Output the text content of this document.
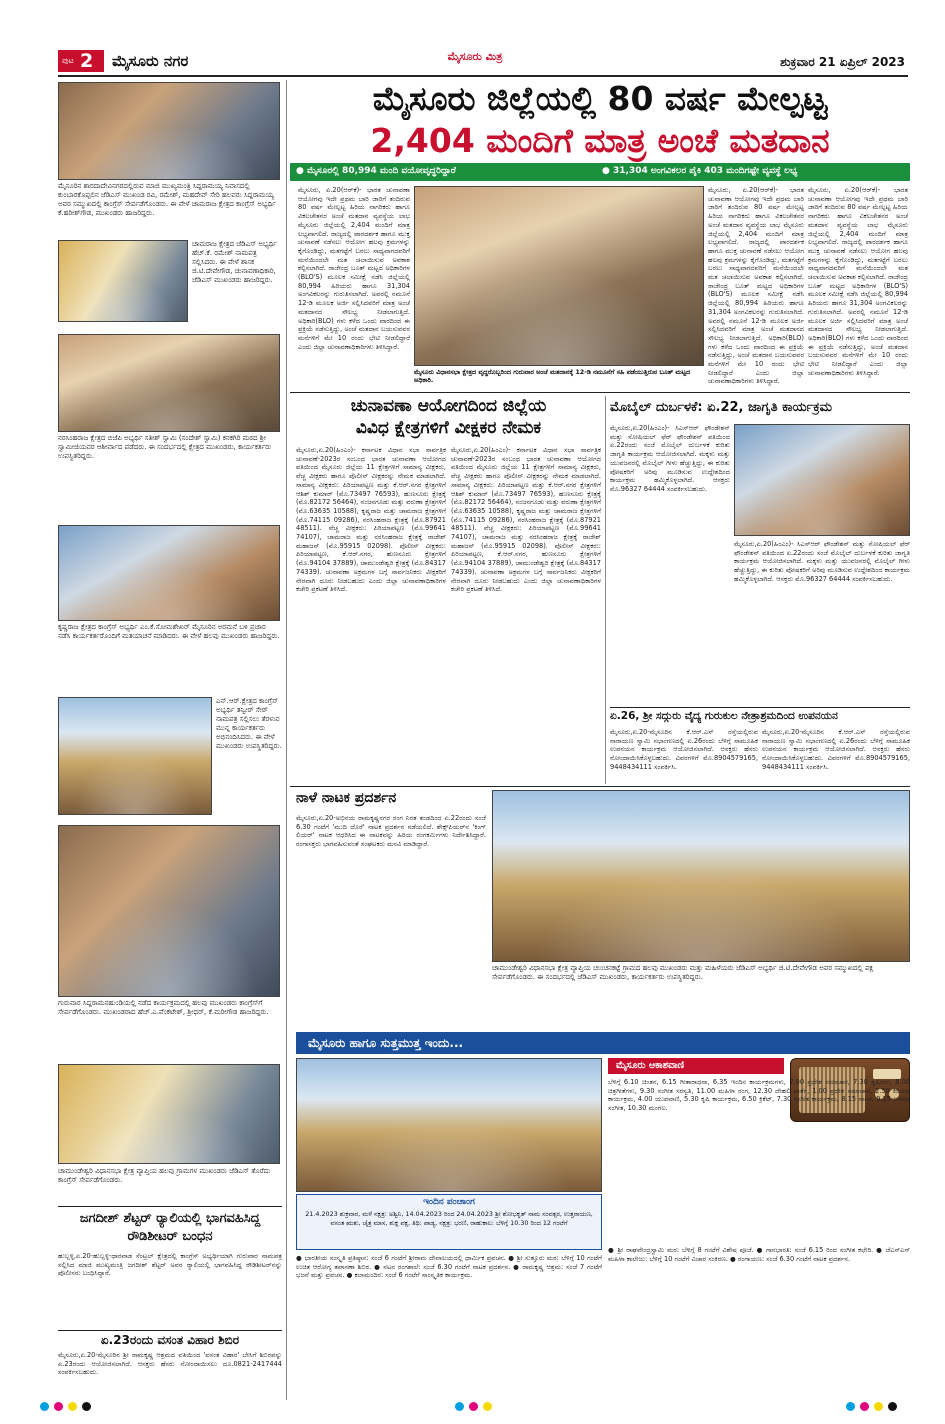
ಪುಟ 2 ಮೈಸೂರು ನಗರ	ಮೈಸೂರು ಮಿತ್ರ	ಶುಕ್ರವಾರ 21 ಏಪ್ರಿಲ್ 2023
ಮೈಸೂರಿನ ಶಾರದಾದೇವಿನಗರದಲ್ಲಿರುವ ಮಾಜಿ ಮುಖ್ಯಮಂತ್ರಿ ಸಿದ್ದರಾಮಯ್ಯ ನಿವಾಸದಲ್ಲಿ ಕುಂಬಾರಕೊಪ್ಪಲಿನ ಜೆಡಿಎಸ್ ಮುಖಂಡ ರವಿ, ರಮೇಶ್, ಮಹದೇವ್ ಸೇರಿ ಹಲವರು ಸಿದ್ದರಾಮಯ್ಯ ಅವರ ಸಮ್ಮುಖದಲ್ಲಿ ಕಾಂಗ್ರೆಸ್ ಸೇರ್ಪಡೆಗೊಂಡರು. ಈ ವೇಳೆ ಚಾಮರಾಜ ಕ್ಷೇತ್ರದ ಕಾಂಗ್ರೆಸ್ ಅಭ್ಯರ್ಥಿ ಕೆ.ಹರೀಶ್‌ಗೌಡ, ಮುಖಂಡರು ಹಾಜರಿದ್ದರು.
ಚಾಮರಾಜ ಕ್ಷೇತ್ರದ ಜೆಡಿಎಸ್ ಅಭ್ಯರ್ಥಿ ಹೆಚ್.ಕೆ. ರಮೇಶ್ ನಾಮಪತ್ರ ಸಲ್ಲಿಸಿದರು. ಈ ವೇಳೆ ಶಾಸಕ ಜಿ.ಟಿ.ದೇವೇಗೌಡ, ಚುನಾವಣಾಧಿಕಾರಿ, ಜೆಡಿಎಸ್ ಮುಖಂಡರು ಹಾಜರಿದ್ದರು.
ನರಸಿಂಹರಾಜ ಕ್ಷೇತ್ರದ ಬಿಜೆಪಿ ಅಭ್ಯರ್ಥಿ ಸತೀಶ್ ಸ್ವಾಮಿ (ಸಂದೇಶ್ ಸ್ವಾಮಿ) ಕನಕಗಿರಿ ಮಠದ ಶ್ರೀ ಸ್ವಾಮೀಜಿಯವರ ಆಶೀರ್ವಾದ ಪಡೆದರು. ಈ ಸಂದರ್ಭದಲ್ಲಿ ಕ್ಷೇತ್ರದ ಮುಖಂಡರು, ಕಾರ್ಯಕರ್ತರು ಉಪಸ್ಥಿತರಿದ್ದರು.
ಕೃಷ್ಣರಾಜ ಕ್ಷೇತ್ರದ ಕಾಂಗ್ರೆಸ್ ಅಭ್ಯರ್ಥಿ ಎಂ.ಕೆ.ಸೋಮಶೇಖರ್ ಮೈಸೂರಿನ ಅರಮನೆ ಬಳಿ ಪ್ರಚಾರ ನಡೆಸಿ ಕಾರ್ಯಕರ್ತರೊಂದಿಗೆ ಮತಯಾಚನೆ ಮಾಡಿದರು. ಈ ವೇಳೆ ಹಲವು ಮುಖಂಡರು ಹಾಜರಿದ್ದರು.
ಎನ್.ಆರ್.ಕ್ಷೇತ್ರದ ಕಾಂಗ್ರೆಸ್ ಅಭ್ಯರ್ಥಿ ತನ್ವೀರ್ ಸೇಠ್ ನಾಮಪತ್ರ ಸಲ್ಲಿಸಲು ತೆರಳುವ ಮುನ್ನ ಕಾರ್ಯಕರ್ತರು ಅಭಿನಂದಿಸಿದರು. ಈ ವೇಳೆ ಮುಖಂಡರು ಉಪಸ್ಥಿತರಿದ್ದರು.
ಗುರುವಾರ ಸಿದ್ದರಾಮನಹುಂಡಿಯಲ್ಲಿ ನಡೆದ ಕಾರ್ಯಕ್ರಮದಲ್ಲಿ ಹಲವು ಮುಖಂಡರು ಕಾಂಗ್ರೆಸ್‌ಗೆ ಸೇರ್ಪಡೆಗೊಂಡರು. ಮುಖಂಡರಾದ ಹೆಚ್.ಎ.ವೆಂಕಟೇಶ್, ಶ್ರೀಧರ್, ಕೆ.ಮರೀಗೌಡ ಹಾಜರಿದ್ದರು.
ಚಾಮುಂಡೇಶ್ವರಿ ವಿಧಾನಸಭಾ ಕ್ಷೇತ್ರ ವ್ಯಾಪ್ತಿಯ ಹಲವು ಗ್ರಾಮಗಳ ಮುಖಂಡರು ಜೆಡಿಎಸ್ ತೊರೆದು ಕಾಂಗ್ರೆಸ್ ಸೇರ್ಪಡೆಗೊಂಡರು.
ಜಗದೀಶ್ ಶೆಟ್ಟರ್ ರ‍್ಯಾಲಿಯಲ್ಲಿ ಭಾಗವಹಿಸಿದ್ದ ರೌಡಿಶೀಟರ್ ಬಂಧನ
ಹುಬ್ಬಳ್ಳಿ,ಏ.20-ಹುಬ್ಬಳ್ಳಿ-ಧಾರವಾಡ ಸೆಂಟ್ರಲ್ ಕ್ಷೇತ್ರದಲ್ಲಿ ಕಾಂಗ್ರೆಸ್ ಅಭ್ಯರ್ಥಿಯಾಗಿ ಗುರುವಾರ ನಾಮಪತ್ರ ಸಲ್ಲಿಸಿದ ಮಾಜಿ ಮುಖ್ಯಮಂತ್ರಿ ಜಗದೀಶ್ ಶೆಟ್ಟರ್ ಅವರ ರ‍್ಯಾಲಿಯಲ್ಲಿ ಭಾಗವಹಿಸಿದ್ದ ರೌಡಿಶೀಟರ್‌ನನ್ನು ಪೊಲೀಸರು ಬಂಧಿಸಿದ್ದಾರೆ.
ಏ.23ರಂದು ವಸಂತ ವಿಹಾರ ಶಿಬಿರ
ಮೈಸೂರು,ಏ.20-ಮೈಸೂರಿನ ಶ್ರೀ ರಾಮಕೃಷ್ಣ ಆಶ್ರಮದ ವತಿಯಿಂದ 'ವಸಂತ ವಿಹಾರ' ಬೇಸಿಗೆ ಶಿಬಿರವನ್ನು ಏ.23ರಂದು ಆಯೋಜಿಸಲಾಗಿದೆ. ಆಸಕ್ತರು ಹೆಸರು ನೋಂದಾಯಿಸಲು ದೂ.0821-2417444 ಸಂಪರ್ಕಿಸಬಹುದು.
ಮೈಸೂರು ಜಿಲ್ಲೆಯಲ್ಲಿ 80 ವರ್ಷ ಮೇಲ್ಪಟ್ಟ
2,404 ಮಂದಿಗೆ ಮಾತ್ರ ಅಂಚೆ ಮತದಾನ
● ಮೈಸೂರಲ್ಲಿ 80,994 ಮಂದಿ ವಯೋವೃದ್ಧರಿದ್ದಾರೆ	● 31,304 ಅಂಗವಿಕಲರ ಪೈಕಿ 403 ಮಂದಿಗಷ್ಟೇ ವ್ಯವಸ್ಥೆ ಲಭ್ಯ
ಮೈಸೂರು, ಏ.20(ಆರ್‌ಕೆ)- ಭಾರತ ಚುನಾವಣಾ ಆಯೋಗವು ಇದೇ ಪ್ರಥಮ ಬಾರಿ ಜಾರಿಗೆ ತಂದಿರುವ 80 ವರ್ಷ ಮೇಲ್ಪಟ್ಟ ಹಿರಿಯ ನಾಗರಿಕರು ಹಾಗೂ ವಿಕಲಚೇತನರ ಅಂಚೆ ಮತದಾನ ವ್ಯವಸ್ಥೆಯ ಲಾಭ ಮೈಸೂರು ಜಿಲ್ಲೆಯಲ್ಲಿ 2,404 ಮಂದಿಗೆ ಮಾತ್ರ ಲಭ್ಯವಾಗಲಿದೆ. ರಾಜ್ಯದಲ್ಲಿ ಪಾರದರ್ಶಕ ಹಾಗೂ ಮುಕ್ತ ಚುನಾವಣೆ ನಡೆಸಲು ಆಯೋಗ ಹಲವು ಕ್ರಮಗಳನ್ನು ಕೈಗೊಂಡಿದ್ದು, ಮತಗಟ್ಟೆಗೆ ಬರಲು ಸಾಧ್ಯವಾಗದವರಿಗೆ ಮನೆಯಿಂದಲೇ ಮತ ಚಲಾಯಿಸುವ ಅವಕಾಶ ಕಲ್ಪಿಸಲಾಗಿದೆ. ರಾಜೇಂದ್ರ ಬೂತ್ ಮಟ್ಟದ ಅಧಿಕಾರಿಗಳ (BLO'S) ಮೂಲಕ ಸಮೀಕ್ಷೆ ನಡೆಸಿ ಜಿಲ್ಲೆಯಲ್ಲಿ 80,994 ಹಿರಿಯರು ಹಾಗೂ 31,304 ಅಂಗವಿಕಲರನ್ನು ಗುರುತಿಸಲಾಗಿದೆ. ಅವರಲ್ಲಿ ನಮೂನೆ 12-ಡಿ ಮೂಲಕ ಅರ್ಜಿ ಸಲ್ಲಿಸಿದವರಿಗೆ ಮಾತ್ರ ಅಂಚೆ ಮತದಾನದ ಸೌಲಭ್ಯ ನೀಡಲಾಗುತ್ತಿದೆ. ಅಧಿಕಾರಿ(BLO) ಗಳು ಕಳೆದ ಒಂದು ವಾರದಿಂದ ಈ ಪ್ರಕ್ರಿಯೆ ನಡೆಸುತ್ತಿದ್ದು, ಅಂಚೆ ಮತದಾನ ಬಯಸುವವರ ಮನೆಗಳಿಗೆ ಮೇ 10 ರಂದು ಭೇಟಿ ನೀಡಲಿದ್ದಾರೆ ಎಂದು ಜಿಲ್ಲಾ ಚುನಾವಣಾಧಿಕಾರಿಗಳು ತಿಳಿಸಿದ್ದಾರೆ.
ಮೈಸೂರು ವಿಧಾನಸಭಾ ಕ್ಷೇತ್ರದ ವೃದ್ಧರೊಬ್ಬರಿಂದ ಗುರುವಾರ ಅಂಚೆ ಮತದಾನಕ್ಕೆ 12-ಡಿ ನಮೂನೆಗೆ ಸಹಿ ಪಡೆಯುತ್ತಿರುವ ಬೂತ್ ಮಟ್ಟದ ಅಧಿಕಾರಿ.
ಮೈಸೂರು, ಏ.20(ಆರ್‌ಕೆ)- ಭಾರತ ಚುನಾವಣಾ ಆಯೋಗವು ಇದೇ ಪ್ರಥಮ ಬಾರಿ ಜಾರಿಗೆ ತಂದಿರುವ 80 ವರ್ಷ ಮೇಲ್ಪಟ್ಟ ಹಿರಿಯ ನಾಗರಿಕರು ಹಾಗೂ ವಿಕಲಚೇತನರ ಅಂಚೆ ಮತದಾನ ವ್ಯವಸ್ಥೆಯ ಲಾಭ ಮೈಸೂರು ಜಿಲ್ಲೆಯಲ್ಲಿ 2,404 ಮಂದಿಗೆ ಮಾತ್ರ ಲಭ್ಯವಾಗಲಿದೆ. ರಾಜ್ಯದಲ್ಲಿ ಪಾರದರ್ಶಕ ಹಾಗೂ ಮುಕ್ತ ಚುನಾವಣೆ ನಡೆಸಲು ಆಯೋಗ ಹಲವು ಕ್ರಮಗಳನ್ನು ಕೈಗೊಂಡಿದ್ದು, ಮತಗಟ್ಟೆಗೆ ಬರಲು ಸಾಧ್ಯವಾಗದವರಿಗೆ ಮನೆಯಿಂದಲೇ ಮತ ಚಲಾಯಿಸುವ ಅವಕಾಶ ಕಲ್ಪಿಸಲಾಗಿದೆ. ರಾಜೇಂದ್ರ ಬೂತ್ ಮಟ್ಟದ ಅಧಿಕಾರಿಗಳ (BLO'S) ಮೂಲಕ ಸಮೀಕ್ಷೆ ನಡೆಸಿ ಜಿಲ್ಲೆಯಲ್ಲಿ 80,994 ಹಿರಿಯರು ಹಾಗೂ 31,304 ಅಂಗವಿಕಲರನ್ನು ಗುರುತಿಸಲಾಗಿದೆ. ಅವರಲ್ಲಿ ನಮೂನೆ 12-ಡಿ ಮೂಲಕ ಅರ್ಜಿ ಸಲ್ಲಿಸಿದವರಿಗೆ ಮಾತ್ರ ಅಂಚೆ ಮತದಾನದ ಸೌಲಭ್ಯ ನೀಡಲಾಗುತ್ತಿದೆ. ಅಧಿಕಾರಿ(BLO) ಗಳು ಕಳೆದ ಒಂದು ವಾರದಿಂದ ಈ ಪ್ರಕ್ರಿಯೆ ನಡೆಸುತ್ತಿದ್ದು, ಅಂಚೆ ಮತದಾನ ಬಯಸುವವರ ಮನೆಗಳಿಗೆ ಮೇ 10 ರಂದು ಭೇಟಿ ನೀಡಲಿದ್ದಾರೆ ಎಂದು ಜಿಲ್ಲಾ ಚುನಾವಣಾಧಿಕಾರಿಗಳು ತಿಳಿಸಿದ್ದಾರೆ.
ಮೈಸೂರು, ಏ.20(ಆರ್‌ಕೆ)- ಭಾರತ ಚುನಾವಣಾ ಆಯೋಗವು ಇದೇ ಪ್ರಥಮ ಬಾರಿ ಜಾರಿಗೆ ತಂದಿರುವ 80 ವರ್ಷ ಮೇಲ್ಪಟ್ಟ ಹಿರಿಯ ನಾಗರಿಕರು ಹಾಗೂ ವಿಕಲಚೇತನರ ಅಂಚೆ ಮತದಾನ ವ್ಯವಸ್ಥೆಯ ಲಾಭ ಮೈಸೂರು ಜಿಲ್ಲೆಯಲ್ಲಿ 2,404 ಮಂದಿಗೆ ಮಾತ್ರ ಲಭ್ಯವಾಗಲಿದೆ. ರಾಜ್ಯದಲ್ಲಿ ಪಾರದರ್ಶಕ ಹಾಗೂ ಮುಕ್ತ ಚುನಾವಣೆ ನಡೆಸಲು ಆಯೋಗ ಹಲವು ಕ್ರಮಗಳನ್ನು ಕೈಗೊಂಡಿದ್ದು, ಮತಗಟ್ಟೆಗೆ ಬರಲು ಸಾಧ್ಯವಾಗದವರಿಗೆ ಮನೆಯಿಂದಲೇ ಮತ ಚಲಾಯಿಸುವ ಅವಕಾಶ ಕಲ್ಪಿಸಲಾಗಿದೆ. ರಾಜೇಂದ್ರ ಬೂತ್ ಮಟ್ಟದ ಅಧಿಕಾರಿಗಳ (BLO'S) ಮೂಲಕ ಸಮೀಕ್ಷೆ ನಡೆಸಿ ಜಿಲ್ಲೆಯಲ್ಲಿ 80,994 ಹಿರಿಯರು ಹಾಗೂ 31,304 ಅಂಗವಿಕಲರನ್ನು ಗುರುತಿಸಲಾಗಿದೆ. ಅವರಲ್ಲಿ ನಮೂನೆ 12-ಡಿ ಮೂಲಕ ಅರ್ಜಿ ಸಲ್ಲಿಸಿದವರಿಗೆ ಮಾತ್ರ ಅಂಚೆ ಮತದಾನದ ಸೌಲಭ್ಯ ನೀಡಲಾಗುತ್ತಿದೆ. ಅಧಿಕಾರಿ(BLO) ಗಳು ಕಳೆದ ಒಂದು ವಾರದಿಂದ ಈ ಪ್ರಕ್ರಿಯೆ ನಡೆಸುತ್ತಿದ್ದು, ಅಂಚೆ ಮತದಾನ ಬಯಸುವವರ ಮನೆಗಳಿಗೆ ಮೇ 10 ರಂದು ಭೇಟಿ ನೀಡಲಿದ್ದಾರೆ ಎಂದು ಜಿಲ್ಲಾ ಚುನಾವಣಾಧಿಕಾರಿಗಳು ತಿಳಿಸಿದ್ದಾರೆ.
ಚುನಾವಣಾ ಆಯೋಗದಿಂದ ಜಿಲ್ಲೆಯ
ವಿವಿಧ ಕ್ಷೇತ್ರಗಳಿಗೆ ವೀಕ್ಷಕರ ನೇಮಕ
ಮೈಸೂರು,ಏ.20(ಹಿಂಎಂ)- ಕರ್ನಾಟಕ ವಿಧಾನ ಸಭಾ ಸಾರ್ವತ್ರಿಕ ಚುನಾವಣೆ-2023ರ ಸಂಬಂಧ ಭಾರತ ಚುನಾವಣಾ ಆಯೋಗದ ವತಿಯಿಂದ ಮೈಸೂರು ಜಿಲ್ಲೆಯ 11 ಕ್ಷೇತ್ರಗಳಿಗೆ ಸಾಮಾನ್ಯ ವೀಕ್ಷಕರು, ವೆಚ್ಚ ವೀಕ್ಷಕರು ಹಾಗೂ ಪೊಲೀಸ್ ವೀಕ್ಷಕರನ್ನು ನೇಮಕ ಮಾಡಲಾಗಿದೆ. ಸಾಮಾನ್ಯ ವೀಕ್ಷಕರು: ಪಿರಿಯಾಪಟ್ಟಣ ಮತ್ತು ಕೆ.ಆರ್.ನಗರ ಕ್ಷೇತ್ರಗಳಿಗೆ ಆಶಿಶ್ ಕುಮಾರ್ (ಮೊ.73497 76593), ಹುಣಸೂರು ಕ್ಷೇತ್ರಕ್ಕೆ (ಮೊ.82172 56464), ನಂಜನಗೂಡು ಮತ್ತು ವರುಣಾ ಕ್ಷೇತ್ರಗಳಿಗೆ (ಮೊ.63635 10588), ಕೃಷ್ಣರಾಜ ಮತ್ತು ಚಾಮರಾಜ ಕ್ಷೇತ್ರಗಳಿಗೆ (ಮೊ.74115 09286), ನರಸಿಂಹರಾಜ ಕ್ಷೇತ್ರಕ್ಕೆ (ಮೊ.87921 48511). ವೆಚ್ಚ ವೀಕ್ಷಕರು: ಪಿರಿಯಾಪಟ್ಟಣ (ಮೊ.99641 74107), ಚಾಮರಾಜ ಮತ್ತು ನರಸಿಂಹರಾಜ ಕ್ಷೇತ್ರಕ್ಕೆ ರಾಜೇಶ್ ಮಹಾಜನ್ (ಮೊ.95915 02098). ಪೊಲೀಸ್ ವೀಕ್ಷಕರು: ಪಿರಿಯಾಪಟ್ಟಣ, ಕೆ.ಆರ್.ನಗರ, ಹುಣಸೂರು ಕ್ಷೇತ್ರಗಳಿಗೆ (ಮೊ.94104 37889), ಚಾಮುಂಡೇಶ್ವರಿ ಕ್ಷೇತ್ರಕ್ಕೆ (ಮೊ.84317 74339). ಚುನಾವಣಾ ಅಕ್ರಮಗಳ ಬಗ್ಗೆ ಸಾರ್ವಜನಿಕರು ವೀಕ್ಷಕರಿಗೆ ನೇರವಾಗಿ ದೂರು ನೀಡಬಹುದು ಎಂದು ಜಿಲ್ಲಾ ಚುನಾವಣಾಧಿಕಾರಿಗಳ ಕಚೇರಿ ಪ್ರಕಟಣೆ ತಿಳಿಸಿದೆ.
ಮೈಸೂರು,ಏ.20(ಹಿಂಎಂ)- ಕರ್ನಾಟಕ ವಿಧಾನ ಸಭಾ ಸಾರ್ವತ್ರಿಕ ಚುನಾವಣೆ-2023ರ ಸಂಬಂಧ ಭಾರತ ಚುನಾವಣಾ ಆಯೋಗದ ವತಿಯಿಂದ ಮೈಸೂರು ಜಿಲ್ಲೆಯ 11 ಕ್ಷೇತ್ರಗಳಿಗೆ ಸಾಮಾನ್ಯ ವೀಕ್ಷಕರು, ವೆಚ್ಚ ವೀಕ್ಷಕರು ಹಾಗೂ ಪೊಲೀಸ್ ವೀಕ್ಷಕರನ್ನು ನೇಮಕ ಮಾಡಲಾಗಿದೆ. ಸಾಮಾನ್ಯ ವೀಕ್ಷಕರು: ಪಿರಿಯಾಪಟ್ಟಣ ಮತ್ತು ಕೆ.ಆರ್.ನಗರ ಕ್ಷೇತ್ರಗಳಿಗೆ ಆಶಿಶ್ ಕುಮಾರ್ (ಮೊ.73497 76593), ಹುಣಸೂರು ಕ್ಷೇತ್ರಕ್ಕೆ (ಮೊ.82172 56464), ನಂಜನಗೂಡು ಮತ್ತು ವರುಣಾ ಕ್ಷೇತ್ರಗಳಿಗೆ (ಮೊ.63635 10588), ಕೃಷ್ಣರಾಜ ಮತ್ತು ಚಾಮರಾಜ ಕ್ಷೇತ್ರಗಳಿಗೆ (ಮೊ.74115 09286), ನರಸಿಂಹರಾಜ ಕ್ಷೇತ್ರಕ್ಕೆ (ಮೊ.87921 48511). ವೆಚ್ಚ ವೀಕ್ಷಕರು: ಪಿರಿಯಾಪಟ್ಟಣ (ಮೊ.99641 74107), ಚಾಮರಾಜ ಮತ್ತು ನರಸಿಂಹರಾಜ ಕ್ಷೇತ್ರಕ್ಕೆ ರಾಜೇಶ್ ಮಹಾಜನ್ (ಮೊ.95915 02098). ಪೊಲೀಸ್ ವೀಕ್ಷಕರು: ಪಿರಿಯಾಪಟ್ಟಣ, ಕೆ.ಆರ್.ನಗರ, ಹುಣಸೂರು ಕ್ಷೇತ್ರಗಳಿಗೆ (ಮೊ.94104 37889), ಚಾಮುಂಡೇಶ್ವರಿ ಕ್ಷೇತ್ರಕ್ಕೆ (ಮೊ.84317 74339). ಚುನಾವಣಾ ಅಕ್ರಮಗಳ ಬಗ್ಗೆ ಸಾರ್ವಜನಿಕರು ವೀಕ್ಷಕರಿಗೆ ನೇರವಾಗಿ ದೂರು ನೀಡಬಹುದು ಎಂದು ಜಿಲ್ಲಾ ಚುನಾವಣಾಧಿಕಾರಿಗಳ ಕಚೇರಿ ಪ್ರಕಟಣೆ ತಿಳಿಸಿದೆ.
ಮೊಬೈಲ್ ದುರ್ಬಳಕೆ: ಏ.22, ಜಾಗೃತಿ ಕಾರ್ಯಕ್ರಮ
ಮೈಸೂರು,ಏ.20(ಹಿಂಎಂ)- ಸಿಎಸ್‌ಆರ್ ಫೌಂಡೇಶನ್ ಮತ್ತು ಸೋಷಿಯಲ್ ಫೆರ್ ಫೌಂಡೇಶನ್ ವತಿಯಿಂದ ಏ.22ರಂದು ಸಂಜೆ ಮೊಬೈಲ್ ದುರ್ಬಳಕೆ ಕುರಿತು ಜಾಗೃತಿ ಕಾರ್ಯಕ್ರಮ ಆಯೋಜಿಸಲಾಗಿದೆ. ಮಕ್ಕಳು ಮತ್ತು ಯುವಜನರಲ್ಲಿ ಮೊಬೈಲ್ ಗೀಳು ಹೆಚ್ಚುತ್ತಿದ್ದು, ಈ ಕುರಿತು ಪೋಷಕರಿಗೆ ಅರಿವು ಮೂಡಿಸುವ ಉದ್ದೇಶದಿಂದ ಕಾರ್ಯಕ್ರಮ ಹಮ್ಮಿಕೊಳ್ಳಲಾಗಿದೆ. ಆಸಕ್ತರು ಮೊ.96327 64444 ಸಂಪರ್ಕಿಸಬಹುದು.
ಮೈಸೂರು,ಏ.20(ಹಿಂಎಂ)- ಸಿಎಸ್‌ಆರ್ ಫೌಂಡೇಶನ್ ಮತ್ತು ಸೋಷಿಯಲ್ ಫೆರ್ ಫೌಂಡೇಶನ್ ವತಿಯಿಂದ ಏ.22ರಂದು ಸಂಜೆ ಮೊಬೈಲ್ ದುರ್ಬಳಕೆ ಕುರಿತು ಜಾಗೃತಿ ಕಾರ್ಯಕ್ರಮ ಆಯೋಜಿಸಲಾಗಿದೆ. ಮಕ್ಕಳು ಮತ್ತು ಯುವಜನರಲ್ಲಿ ಮೊಬೈಲ್ ಗೀಳು ಹೆಚ್ಚುತ್ತಿದ್ದು, ಈ ಕುರಿತು ಪೋಷಕರಿಗೆ ಅರಿವು ಮೂಡಿಸುವ ಉದ್ದೇಶದಿಂದ ಕಾರ್ಯಕ್ರಮ ಹಮ್ಮಿಕೊಳ್ಳಲಾಗಿದೆ. ಆಸಕ್ತರು ಮೊ.96327 64444 ಸಂಪರ್ಕಿಸಬಹುದು.
ಏ.26, ಶ್ರೀ ಸದ್ಗುರು ವೈದ್ಯ ಗುರುಕುಲ ನೇತ್ರಾಶ್ರಮದಿಂದ ಉಪನಯನ
ಮೈಸೂರು,ಏ.20-ಮೈಸೂರಿನ ಕೆ.ಆರ್.ಎಸ್ ರಸ್ತೆಯಲ್ಲಿರುವ ನಾರಾಯಣ ಸ್ವಾಮಿ ಸಭಾಂಗಣದಲ್ಲಿ ಏ.26ರಂದು ಬೆಳಿಗ್ಗೆ ಸಾಮೂಹಿಕ ಉಪನಯನ ಕಾರ್ಯಕ್ರಮ ಆಯೋಜಿಸಲಾಗಿದೆ. ಆಸಕ್ತರು ಹೆಸರು ನೋಂದಾಯಿಸಿಕೊಳ್ಳಬಹುದು. ವಿವರಗಳಿಗೆ ಮೊ.8904579165, 9448434111 ಸಂಪರ್ಕಿಸಿ.
ಮೈಸೂರು,ಏ.20-ಮೈಸೂರಿನ ಕೆ.ಆರ್.ಎಸ್ ರಸ್ತೆಯಲ್ಲಿರುವ ನಾರಾಯಣ ಸ್ವಾಮಿ ಸಭಾಂಗಣದಲ್ಲಿ ಏ.26ರಂದು ಬೆಳಿಗ್ಗೆ ಸಾಮೂಹಿಕ ಉಪನಯನ ಕಾರ್ಯಕ್ರಮ ಆಯೋಜಿಸಲಾಗಿದೆ. ಆಸಕ್ತರು ಹೆಸರು ನೋಂದಾಯಿಸಿಕೊಳ್ಳಬಹುದು. ವಿವರಗಳಿಗೆ ಮೊ.8904579165, 9448434111 ಸಂಪರ್ಕಿಸಿ.
ನಾಳೆ ನಾಟಕ ಪ್ರದರ್ಶನ
ಮೈಸೂರು,ಏ.20-ಅಭಿನಯ ರಾಮಕೃಷ್ಣನಗರ ರಂಗ ನಿರತ ತಂಡದಿಂದ ಏ.22ರಂದು ಸಂಜೆ 6.30 ಗಂಟೆಗೆ 'ಮುದಿ ದೊರೆ' ನಾಟಕ ಪ್ರದರ್ಶನ ನಡೆಯಲಿದೆ. ಶೇಕ್ಸ್‌ಪಿಯರ್‌ನ 'ಕಿಂಗ್ ಲಿಯರ್' ನಾಟಕ ಆಧರಿಸಿದ ಈ ನಾಟಕವನ್ನು ಹಿರಿಯ ರಂಗಕರ್ಮಿಗಳು ನಿರ್ದೇಶಿಸಿದ್ದಾರೆ. ರಂಗಾಸಕ್ತರು ಭಾಗವಹಿಸುವಂತೆ ಸಂಘಟಕರು ಮನವಿ ಮಾಡಿದ್ದಾರೆ.
ಚಾಮುಂಡೇಶ್ವರಿ ವಿಧಾನಸಭಾ ಕ್ಷೇತ್ರ ವ್ಯಾಪ್ತಿಯ ಚುಂಚನಕಟ್ಟೆ ಗ್ರಾಮದ ಹಲವು ಮುಖಂಡರು ಮತ್ತು ಮಹಿಳೆಯರು ಜೆಡಿಎಸ್ ಅಭ್ಯರ್ಥಿ ಜಿ.ಟಿ.ದೇವೇಗೌಡ ಅವರ ಸಮ್ಮುಖದಲ್ಲಿ ಪಕ್ಷ ಸೇರ್ಪಡೆಗೊಂಡರು. ಈ ಸಂದರ್ಭದಲ್ಲಿ ಜೆಡಿಎಸ್ ಮುಖಂಡರು, ಕಾರ್ಯಕರ್ತರು ಉಪಸ್ಥಿತರಿದ್ದರು.
ಮೈಸೂರು ಹಾಗೂ ಸುತ್ತಮುತ್ತ ಇಂದು...
ಇಂದಿನ ಪಂಚಾಂಗ
21.4.2023 ಶುಕ್ರವಾರ, ಮಳೆ ನಕ್ಷತ್ರ: ಅಶ್ವಿನಿ, 14.04.2023 ರಿಂದ 24.04.2023 ಶ್ರೀ ಶೋಭಕೃತ್ ನಾಮ ಸಂವತ್ಸರ, ಉತ್ತರಾಯಣ, ವಸಂತ ಋತು, ಚೈತ್ರ ಮಾಸ, ಶುಕ್ಲ ಪಕ್ಷ, ತಿಥಿ: ಪಾಡ್ಯ, ನಕ್ಷತ್ರ: ಭರಣಿ, ರಾಹುಕಾಲ: ಬೆಳಿಗ್ಗೆ 10.30 ರಿಂದ 12 ಗಂಟೆಗೆ
● ಭಾರತೀಯ ಸಂಸ್ಕೃತಿ ಪ್ರತಿಷ್ಠಾನ: ಸಂಜೆ 6 ಗಂಟೆಗೆ ಶ್ರೀರಾಮ ದೇವಾಲಯದಲ್ಲಿ ಧಾರ್ಮಿಕ ಪ್ರವಚನ. ● ಶ್ರೀ ಸುತ್ತೂರು ಮಠ: ಬೆಳಿಗ್ಗೆ 10 ಗಂಟೆಗೆ ಉಚಿತ ಆರೋಗ್ಯ ತಪಾಸಣಾ ಶಿಬಿರ. ● ನಟನ ರಂಗಶಾಲೆ: ಸಂಜೆ 6.30 ಗಂಟೆಗೆ ನಾಟಕ ಪ್ರದರ್ಶನ. ● ರಾಮಕೃಷ್ಣ ಆಶ್ರಮ: ಸಂಜೆ 7 ಗಂಟೆಗೆ ಭಜನೆ ಮತ್ತು ಪ್ರವಚನ. ● ಕಲಾಮಂದಿರ: ಸಂಜೆ 6 ಗಂಟೆಗೆ ಸಾಂಸ್ಕೃತಿಕ ಕಾರ್ಯಕ್ರಮ.
ಮೈಸೂರು ಆಕಾಶವಾಣಿ
ಬೆಳಿಗ್ಗೆ 6.10 ಚಿಂತನ, 6.15 ಗೀತಾರಾಧನಾ, 6.35 ಇಂದಿನ ಕಾರ್ಯಕ್ರಮಗಳು, 7.00 ಪ್ರದೇಶ ಸಮಾಚಾರ, 7.30 ಕೃಷಿರಂಗ, 8.00 ಚಿತ್ರಗೀತೆಗಳು, 9.30 ಸಂಗೀತ ಸರಸ್ವತಿ, 11.00 ಮಹಿಳಾ ರಂಗ, 12.30 ದೇಹಲಿ ವಾರ್ತೆ, 1.00 ಪ್ರದೇಶ ಸಮಾಚಾರ, 2.50 ಕಿರಿಯರ ಕಾರ್ಯಕ್ರಮ, 4.00 ಯುವವಾಣಿ, 5.30 ಕೃಷಿ ಕಾರ್ಯಕ್ರಮ, 6.50 ಕ್ರಿಕೆಟ್, 7.30 ಸಂಗೀತ ಕಾರ್ಯಕ್ರಮ, 8.15 ನಾಟಕ, 9.15 ಜನಪದ ಸಂಗೀತ, 10.30 ಮಂಗಲ.
● ಶ್ರೀ ರಾಘವೇಂದ್ರಸ್ವಾಮಿ ಮಠ: ಬೆಳಿಗ್ಗೆ 8 ಗಂಟೆಗೆ ವಿಶೇಷ ಪೂಜೆ. ● ಗಾನಭಾರತಿ: ಸಂಜೆ 6.15 ರಿಂದ ಸಂಗೀತ ಕಛೇರಿ. ● ಜೆಎಸ್‌ಎಸ್ ಮಹಿಳಾ ಕಾಲೇಜು: ಬೆಳಿಗ್ಗೆ 10 ಗಂಟೆಗೆ ವಿಚಾರ ಸಂಕಿರಣ. ● ರಂಗಾಯಣ: ಸಂಜೆ 6.30 ಗಂಟೆಗೆ ನಾಟಕ ಪ್ರದರ್ಶನ.
